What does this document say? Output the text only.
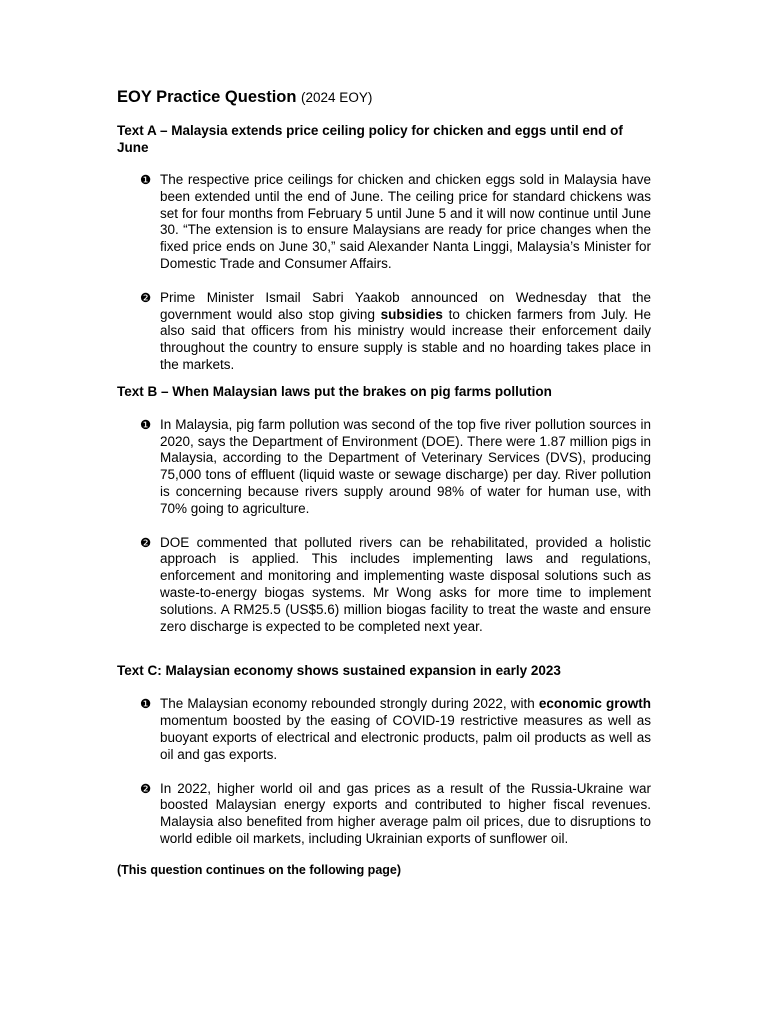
EOY Practice Question (2024 EOY)

Text A – Malaysia extends price ceiling policy for chicken and eggs until end of June

❶ The respective price ceilings for chicken and chicken eggs sold in Malaysia have been extended until the end of June. The ceiling price for standard chickens was set for four months from February 5 until June 5 and it will now continue until June 30. “The extension is to ensure Malaysians are ready for price changes when the fixed price ends on June 30,” said Alexander Nanta Linggi, Malaysia’s Minister for Domestic Trade and Consumer Affairs.
❷ Prime Minister Ismail Sabri Yaakob announced on Wednesday that the government would also stop giving subsidies to chicken farmers from July. He also said that officers from his ministry would increase their enforcement daily throughout the country to ensure supply is stable and no hoarding takes place in the markets.

Text B – When Malaysian laws put the brakes on pig farms pollution

❶ In Malaysia, pig farm pollution was second of the top five river pollution sources in 2020, says the Department of Environment (DOE). There were 1.87 million pigs in Malaysia, according to the Department of Veterinary Services (DVS), producing 75,000 tons of effluent (liquid waste or sewage discharge) per day. River pollution is concerning because rivers supply around 98% of water for human use, with 70% going to agriculture.
❷ DOE commented that polluted rivers can be rehabilitated, provided a holistic approach is applied. This includes implementing laws and regulations, enforcement and monitoring and implementing waste disposal solutions such as waste-to-energy biogas systems. Mr Wong asks for more time to implement solutions. A RM25.5 (US$5.6) million biogas facility to treat the waste and ensure zero discharge is expected to be completed next year.

Text C: Malaysian economy shows sustained expansion in early 2023

❶ The Malaysian economy rebounded strongly during 2022, with economic growth momentum boosted by the easing of COVID-19 restrictive measures as well as buoyant exports of electrical and electronic products, palm oil products as well as oil and gas exports.
❷ In 2022, higher world oil and gas prices as a result of the Russia-Ukraine war boosted Malaysian energy exports and contributed to higher fiscal revenues. Malaysia also benefited from higher average palm oil prices, due to disruptions to world edible oil markets, including Ukrainian exports of sunflower oil.

(This question continues on the following page)
